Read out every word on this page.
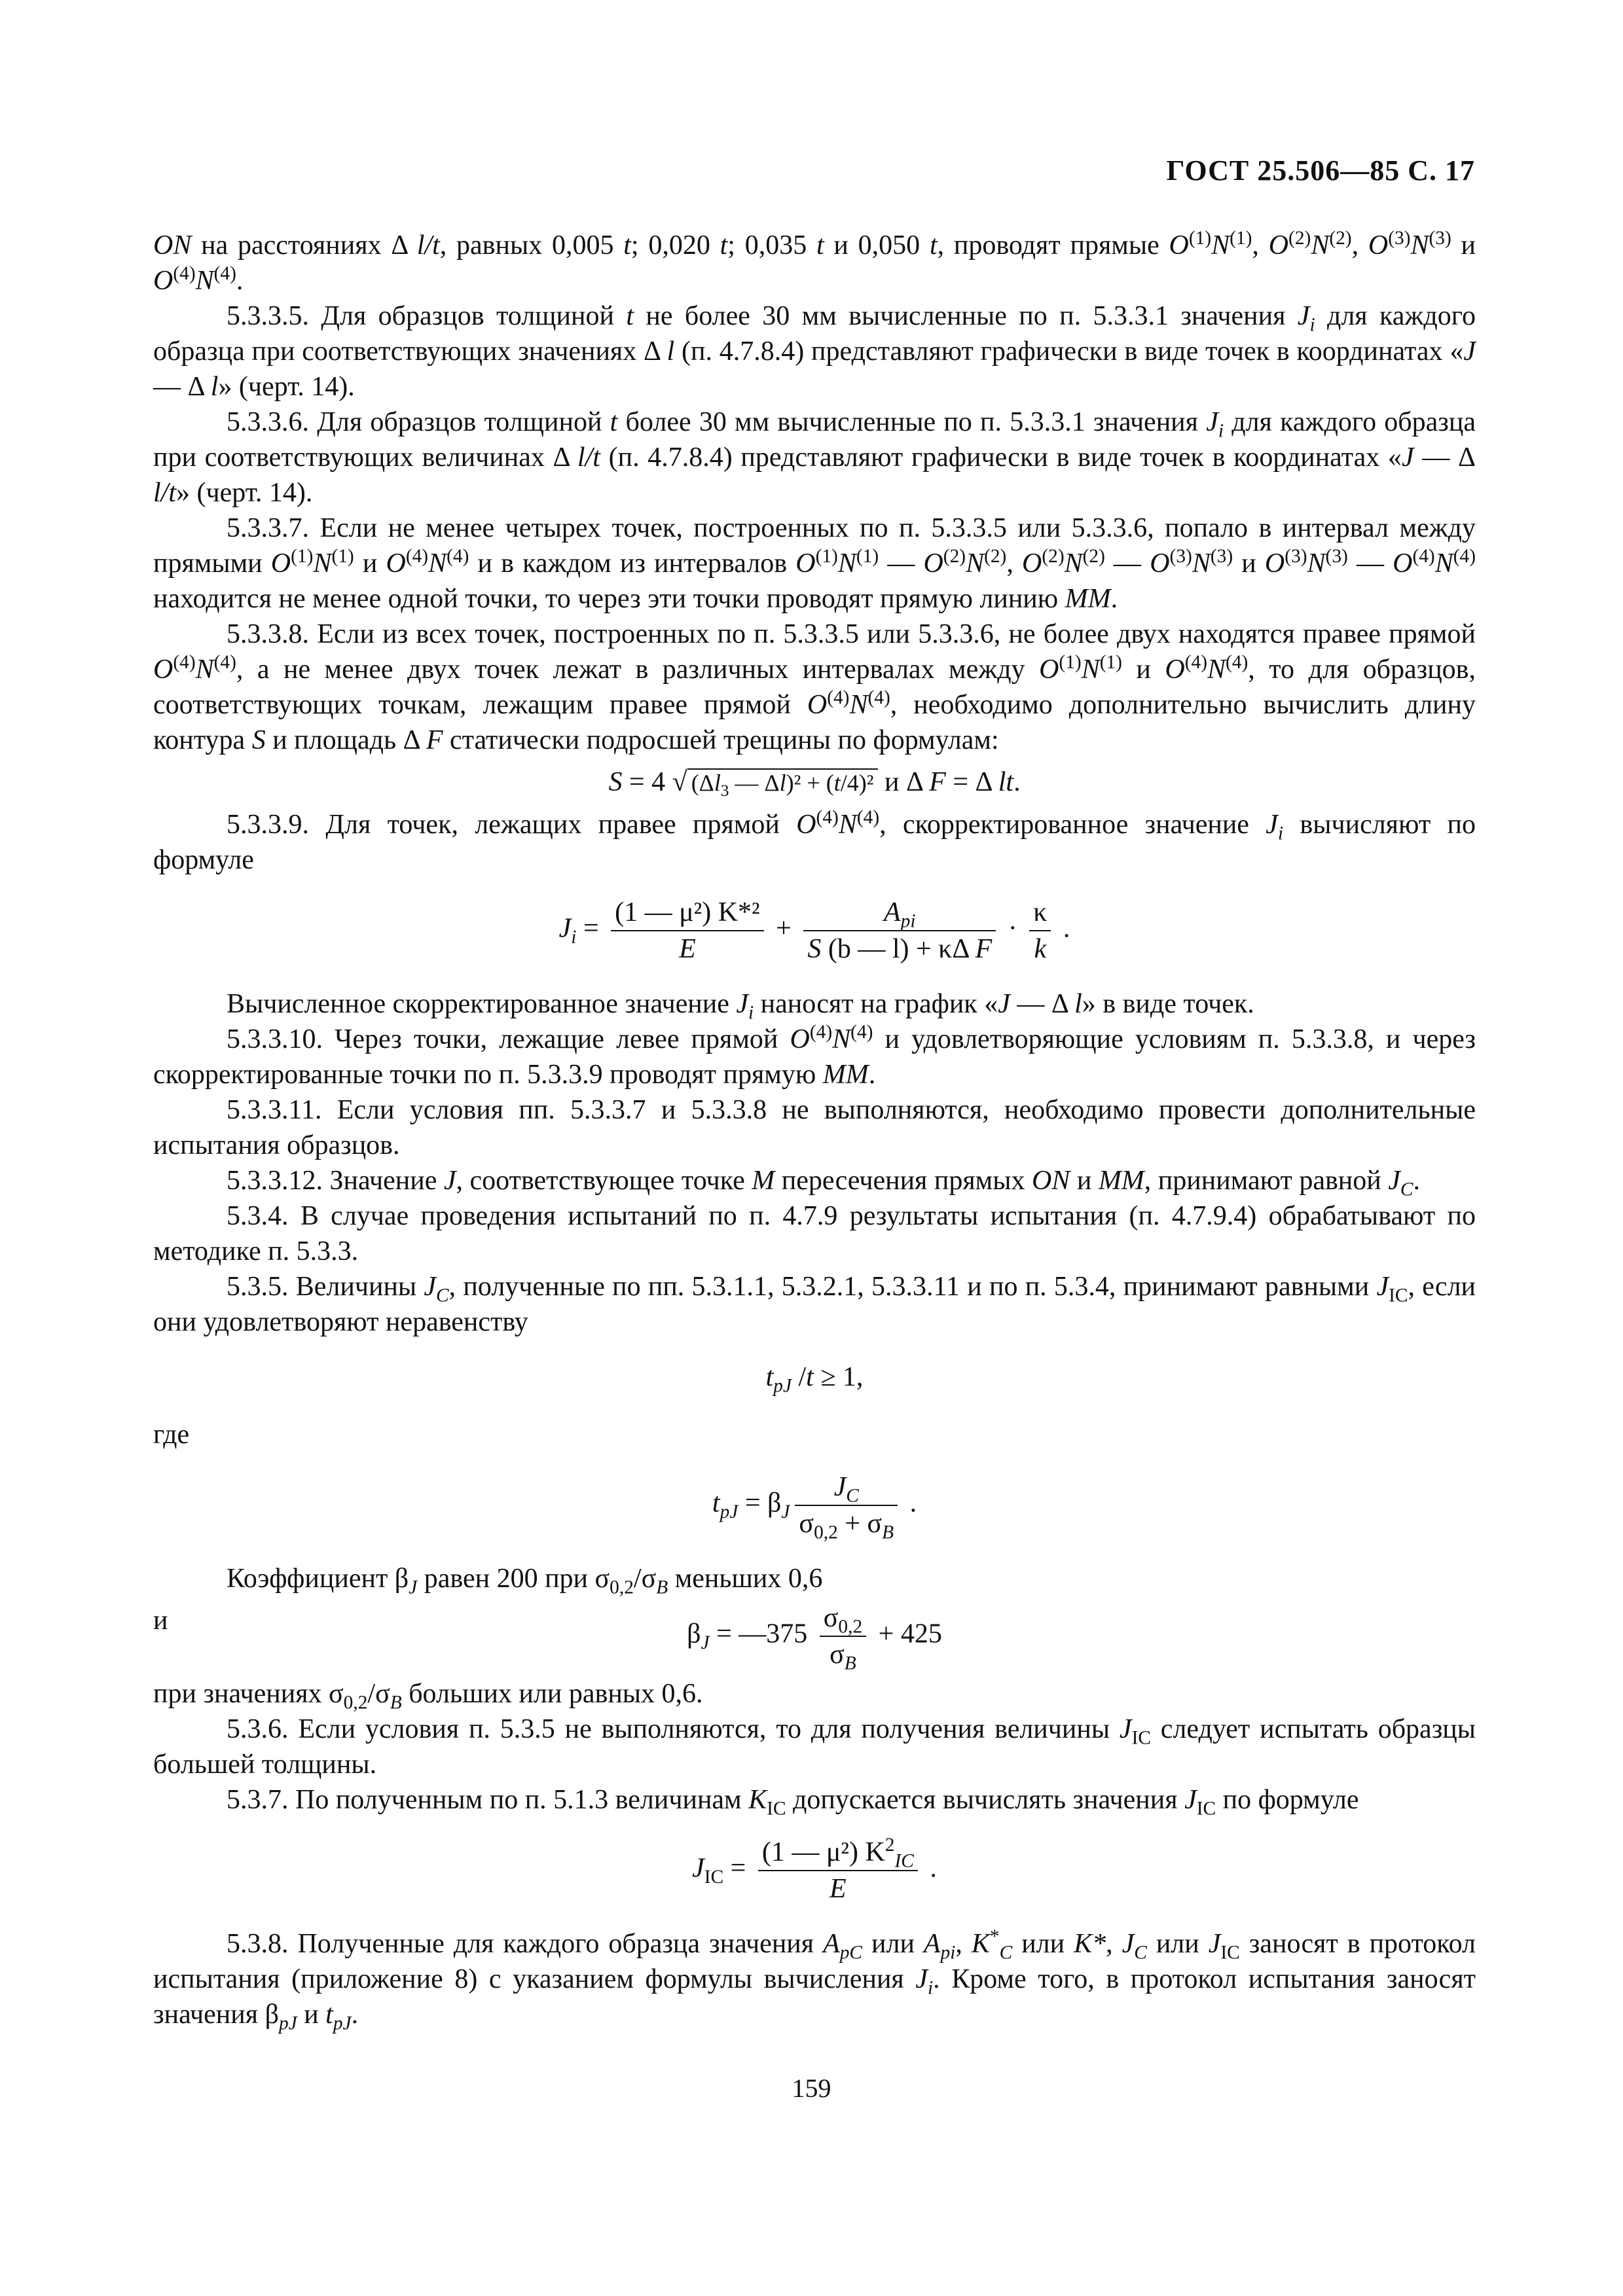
ГОСТ 25.506—85 С. 17

ON на расстояниях Δ l/t, равных 0,005 t; 0,020 t; 0,035 t и 0,050 t, проводят прямые $O^{(1)}N^{(1)}$, $O^{(2)}N^{(2)}$, $O^{(3)}N^{(3)}$ и $O^{(4)}N^{(4)}$.

5.3.3.5. Для образцов толщиной t не более 30 мм вычисленные по п. 5.3.3.1 значения $J_i$ для каждого образца при соответствующих значениях Δ l (п. 4.7.8.4) представляют графически в виде точек в координатах «J — Δ l» (черт. 14).

5.3.3.6. Для образцов толщиной t более 30 мм вычисленные по п. 5.3.3.1 значения $J_i$ для каждого образца при соответствующих величинах Δ l/t (п. 4.7.8.4) представляют графически в виде точек в координатах «J — Δ l/t» (черт. 14).

5.3.3.7. Если не менее четырех точек, построенных по п. 5.3.3.5 или 5.3.3.6, попало в интервал между прямыми $O^{(1)}N^{(1)}$ и $O^{(4)}N^{(4)}$ и в каждом из интервалов $O^{(1)}N^{(1)}$ — $O^{(2)}N^{(2)}$, $O^{(2)}N^{(2)}$ — $O^{(3)}N^{(3)}$ и $O^{(3)}N^{(3)}$ — $O^{(4)}N^{(4)}$ находится не менее одной точки, то через эти точки проводят прямую линию MM.

5.3.3.8. Если из всех точек, построенных по п. 5.3.3.5 или 5.3.3.6, не более двух находятся правее прямой $O^{(4)}N^{(4)}$, а не менее двух точек лежат в различных интервалах между $O^{(1)}N^{(1)}$ и $O^{(4)}N^{(4)}$, то для образцов, соответствующих точкам, лежащим правее прямой $O^{(4)}N^{(4)}$, необходимо дополнительно вычислить длину контура S и площадь Δ F статически подросшей трещины по формулам:

S = 4 √ ($\Delta l_3$ — Δl)² + (t/4)² и Δ F = Δ lt.

5.3.3.9. Для точек, лежащих правее прямой $O^{(4)}N^{(4)}$, скорректированное значение $J_i$ вычисляют по формуле

$J_i = \frac{\text{(1 — μ²) K*²}}{E} + \frac{A_{pi}}{\text{S (b — l) + κΔ F}} \cdot \frac{\kappa}{k}$ .

Вычисленное скорректированное значение $J_i$ наносят на график «J — Δ l» в виде точек.

5.3.3.10. Через точки, лежащие левее прямой $O^{(4)}N^{(4)}$ и удовлетворяющие условиям п. 5.3.3.8, и через скорректированные точки по п. 5.3.3.9 проводят прямую MM.

5.3.3.11. Если условия пп. 5.3.3.7 и 5.3.3.8 не выполняются, необходимо провести дополнительные испытания образцов.

5.3.3.12. Значение J, соответствующее точке M пересечения прямых ON и MM, принимают равной $J_C$.

5.3.4. В случае проведения испытаний по п. 4.7.9 результаты испытания (п. 4.7.9.4) обрабатывают по методике п. 5.3.3.

5.3.5. Величины $J_C$, полученные по пп. 5.3.1.1, 5.3.2.1, 5.3.3.11 и по п. 5.3.4, принимают равными $J_{IC}$, если они удовлетворяют неравенству

$t_{pJ}$ /t ≥ 1,

где

$t_{pJ} = \beta_J \frac{J_C}{\sigma_{0,2} + \sigma_B}$ .

Коэффициент $\beta_J$ равен 200 при $\sigma_{0,2}/\sigma_B$ меньших 0,6

и	$\beta_J$ = —375 $\frac{\sigma_{0,2}}{\sigma_B} + 425$

при значениях $\sigma_{0,2}/\sigma_B$ больших или равных 0,6.

5.3.6. Если условия п. 5.3.5 не выполняются, то для получения величины $J_{IC}$ следует испытать образцы большей толщины.

5.3.7. По полученным по п. 5.1.3 величинам $K_{IC}$ допускается вычислять значения $J_{IC}$ по формуле

$J_{IC} = \frac{(1 — \mu^2) K^2_{IC}}{E}$ .

5.3.8. Полученные для каждого образца значения $A_{pC}$ или $A_{pi}$, $K^*_C$ или K*, $J_C$ или $J_{IC}$ заносят в протокол испытания (приложение 8) с указанием формулы вычисления $J_i$. Кроме того, в протокол испытания заносят значения $\beta_{pJ}$ и $t_{pJ}$.

159
